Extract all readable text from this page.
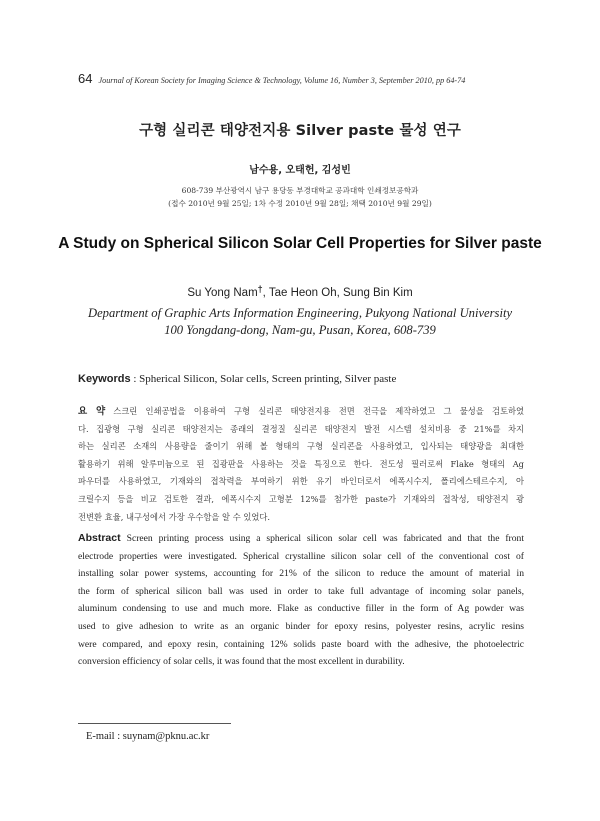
64 Journal of Korean Society for Imaging Science & Technology, Volume 16, Number 3, September 2010, pp 64-74
구형 실리콘 태양전지용 Silver paste 물성 연구
남수용, 오태헌, 김성빈
608-739 부산광역시 남구 용당동 부경대학교 공과대학 인쇄정보공학과
(접수 2010년 9월 25일; 1차 수정 2010년 9월 28일; 채택 2010년 9월 29일)
A Study on Spherical Silicon Solar Cell Properties for Silver paste
Su Yong Nam†, Tae Heon Oh, Sung Bin Kim
Department of Graphic Arts Information Engineering, Pukyong National University
100 Yongdang-dong, Nam-gu, Pusan, Korea, 608-739
Keywords : Spherical Silicon, Solar cells, Screen printing, Silver paste
요 약 스크린 인쇄공법을 이용하여 구형 실리콘 태양전지용 전면 전극을 제작하였고 그 물성을 검토하였
다. 집광형 구형 실리콘 태양전지는 종래의 결정질 실리콘 태양전지 발전 시스템 설치비용 중 21%를 차지
하는 실리콘 소재의 사용량을 줄이기 위해 볼 형태의 구형 실리콘을 사용하였고, 입사되는 태양광을 최대한
활용하기 위해 알루미늄으로 된 집광판을 사용하는 것을 특징으로 한다. 전도성 필러로써 Flake 형태의 Ag
파우더를 사용하였고, 기재와의 접착력을 부여하기 위한 유기 바인더로서 에폭시수지, 폴리에스테르수지, 아
크릴수지 등을 비교 검토한 결과, 에폭시수지 고형분 12%를 첨가한 paste가 기재와의 접착성, 태양전지 광
전변환 효율, 내구성에서 가장 우수함을 알 수 있었다.
Abstract Screen printing process using a spherical silicon solar cell was fabricated and that the front
electrode properties were investigated. Spherical crystalline silicon solar cell of the conventional cost of
installing solar power systems, accounting for 21% of the silicon to reduce the amount of material in
the form of spherical silicon ball was used in order to take full advantage of incoming solar panels,
aluminum condensing to use and much more. Flake as conductive filler in the form of Ag powder was
used to give adhesion to write as an organic binder for epoxy resins, polyester resins, acrylic resins
were compared, and epoxy resin, containing 12% solids paste board with the adhesive, the photoelectric
conversion efficiency of solar cells, it was found that the most excellent in durability.
E-mail : suynam@pknu.ac.kr
